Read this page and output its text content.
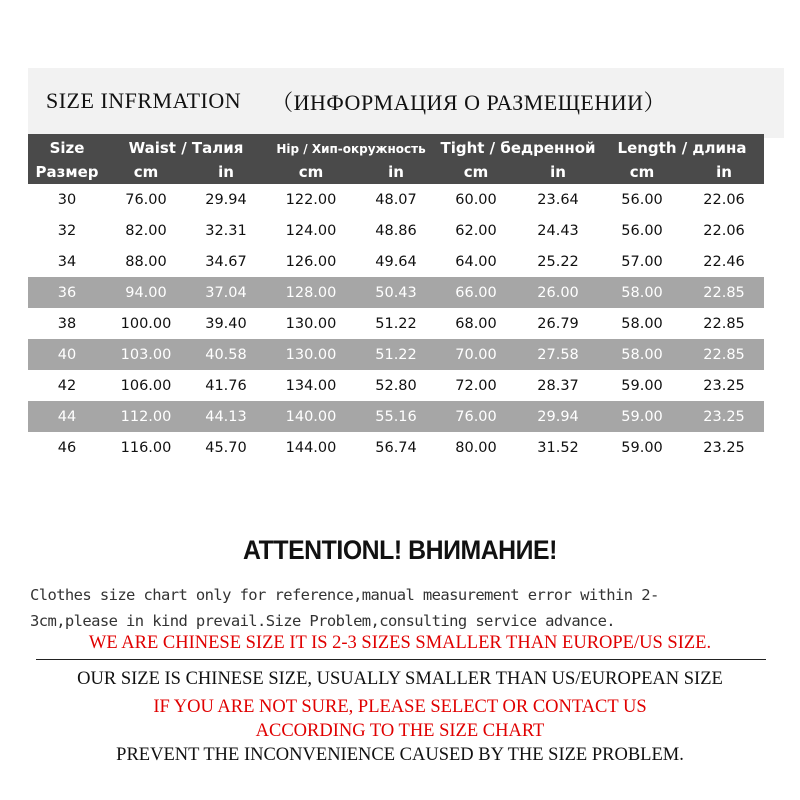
SIZE INFRMATION （ИНФОРМАЦИЯ О РАЗМЕЩЕНИИ）
Size	Waist / Талия		Hip / Хип-окружность		Tight / бедренной		Length / длина	
Размер	cm	in	cm	in	cm	in	cm	in
30	76.00	29.94	122.00	48.07	60.00	23.64	56.00	22.06
32	82.00	32.31	124.00	48.86	62.00	24.43	56.00	22.06
34	88.00	34.67	126.00	49.64	64.00	25.22	57.00	22.46
36	94.00	37.04	128.00	50.43	66.00	26.00	58.00	22.85
38	100.00	39.40	130.00	51.22	68.00	26.79	58.00	22.85
40	103.00	40.58	130.00	51.22	70.00	27.58	58.00	22.85
42	106.00	41.76	134.00	52.80	72.00	28.37	59.00	23.25
44	112.00	44.13	140.00	55.16	76.00	29.94	59.00	23.25
46	116.00	45.70	144.00	56.74	80.00	31.52	59.00	23.25
ATTENTIONL! ВНИМАНИЕ!
Clothes size chart only for reference,manual measurement error within 2-
3cm,please in kind prevail.Size Problem,consulting service advance.
WE ARE CHINESE SIZE IT IS 2-3 SIZES SMALLER THAN EUROPE/US SIZE.
OUR SIZE IS CHINESE SIZE, USUALLY SMALLER THAN US/EUROPEAN SIZE
IF YOU ARE NOT SURE, PLEASE SELECT OR CONTACT US
ACCORDING TO THE SIZE CHART
PREVENT THE INCONVENIENCE CAUSED BY THE SIZE PROBLEM.
